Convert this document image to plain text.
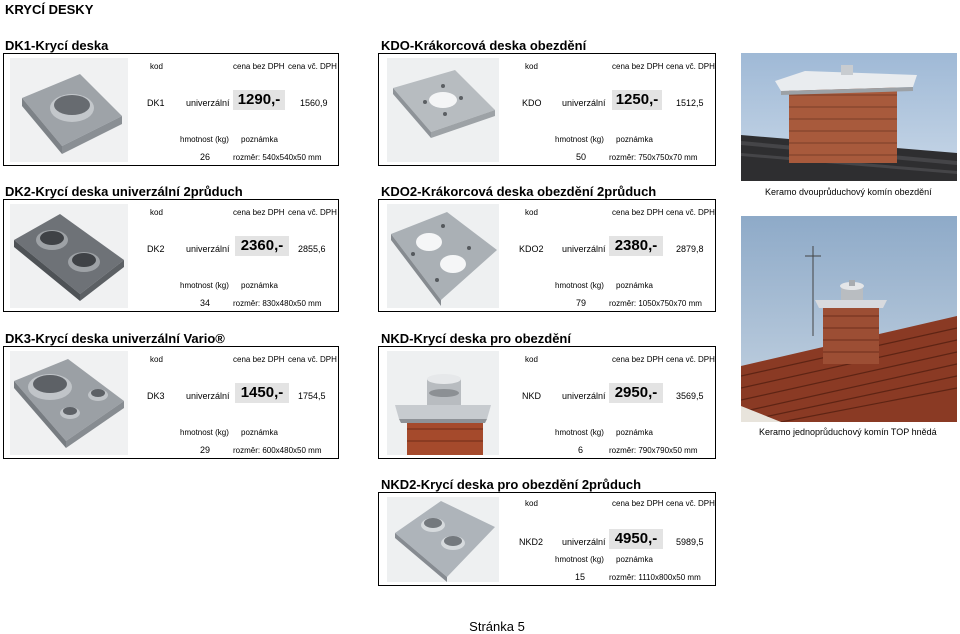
KRYCÍ DESKY
DK1-Krycí deska
kod	cena bez DPH cena vč. DPH
DK1 univerzální 1290,-	1560,9
hmotnost (kg) poznámka
26	rozměr: 540x540x50 mm
KDO-Krákorcová deska obezdění
kod	cena bez DPH cena vč. DPH
KDO univerzální 1250,-	1512,5
hmotnost (kg) poznámka
50	rozměr: 750x750x70 mm
Keramo dvouprůduchový komín obezdění
DK2-Krycí deska univerzální 2průduch
kod	cena bez DPH cena vč. DPH
DK2 univerzální 2360,-	2855,6
hmotnost (kg) poznámka
34	rozměr: 830x480x50 mm
KDO2-Krákorcová deska obezdění 2průduch
kod	cena bez DPH cena vč. DPH
KDO2 univerzální 2380,-	2879,8
hmotnost (kg) poznámka
79	rozměr: 1050x750x70 mm
Keramo jednoprůduchový komín TOP hnědá
DK3-Krycí deska univerzální Vario®
kod	cena bez DPH cena vč. DPH
DK3 univerzální 1450,-	1754,5
hmotnost (kg) poznámka
29	rozměr: 600x480x50 mm
NKD-Krycí deska pro obezdění
kod	cena bez DPH cena vč. DPH
NKD univerzální 2950,-	3569,5
hmotnost (kg) poznámka
6	rozměr: 790x790x50 mm
NKD2-Krycí deska pro obezdění 2průduch
kod	cena bez DPH cena vč. DPH
NKD2 univerzální 4950,-	5989,5
hmotnost (kg) poznámka
15	rozměr: 1110x800x50 mm
Stránka 5
